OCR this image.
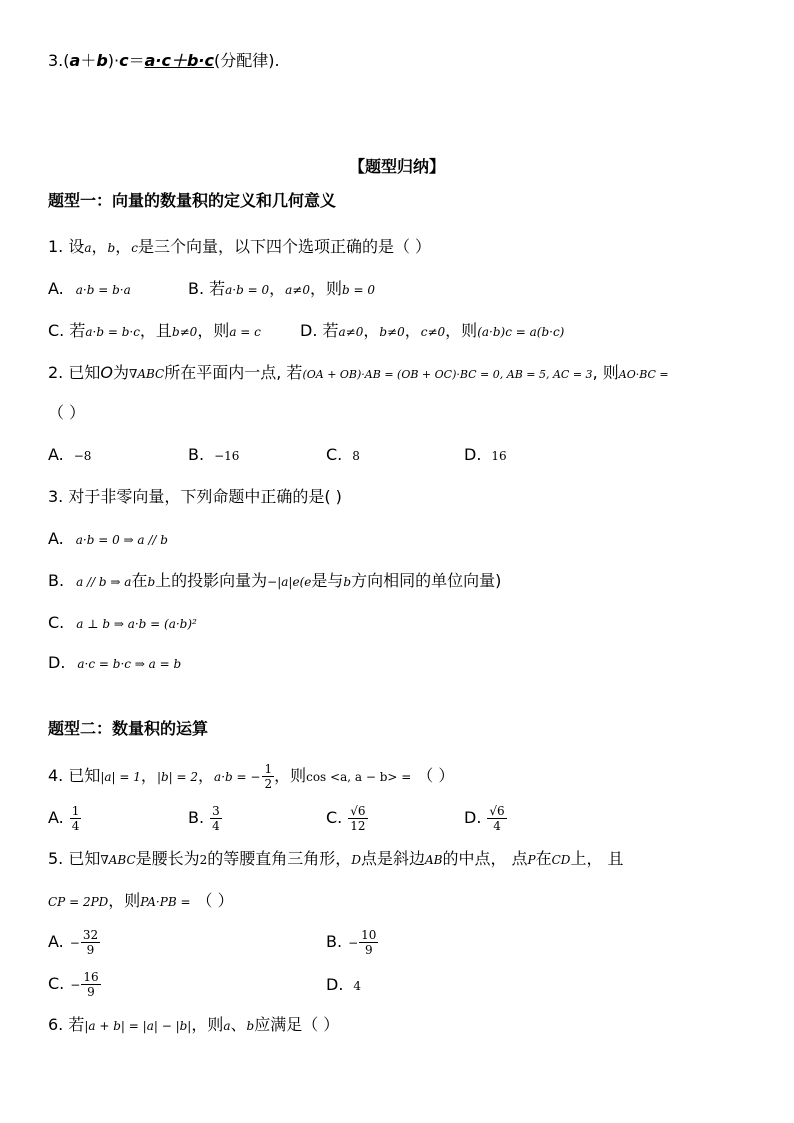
3.(a＋b)·c＝a·c＋b·c(分配律).
【题型归纳】
题型一：向量的数量积的定义和几何意义
1. 设a，b，c是三个向量，以下四个选项正确的是（ ）
A. a·b = b·a	B. 若a·b = 0，a≠0，则b = 0
C. 若a·b = b·c，且b≠0，则a = c D. 若a≠0，b≠0，c≠0，则(a·b)c = a(b·c)
2. 已知O为∇ABC所在平面内一点, 若(OA + OB)·AB = (OB + OC)·BC = 0, AB = 5, AC = 3, 则AO·BC =
（ ）
A. −8	B. −16	C. 8	D. 16
3. 对于非零向量，下列命题中正确的是( )
A. a·b = 0 ⇒ a // b
B. a // b ⇒ a在b上的投影向量为−|a|e(e是与b方向相同的单位向量)
C. a ⊥ b ⇒ a·b = (a·b)²
D. a·c = b·c ⇒ a = b
题型二：数量积的运算
4. 已知|a| = 1，|b| = 2，a·b = − $\frac{1}{2}$ ，则cos <a, a − b> = （ ）
A. $\frac{1}{4}$	B. $\frac{3}{4}$	C. $\frac{√6}{12}$	D. $\frac{√6}{4}$
5. 已知∇ABC是腰长为2的等腰直角三角形，D点是斜边AB的中点， 点P在CD上， 且
CP = 2PD，则PA·PB = （ ）
A. − $\frac{32}{9}$	B. − $\frac{10}{9}$
C. − $\frac{16}{9}$	D. 4
6. 若|a + b| = |a| − |b|，则a、b应满足（ ）
